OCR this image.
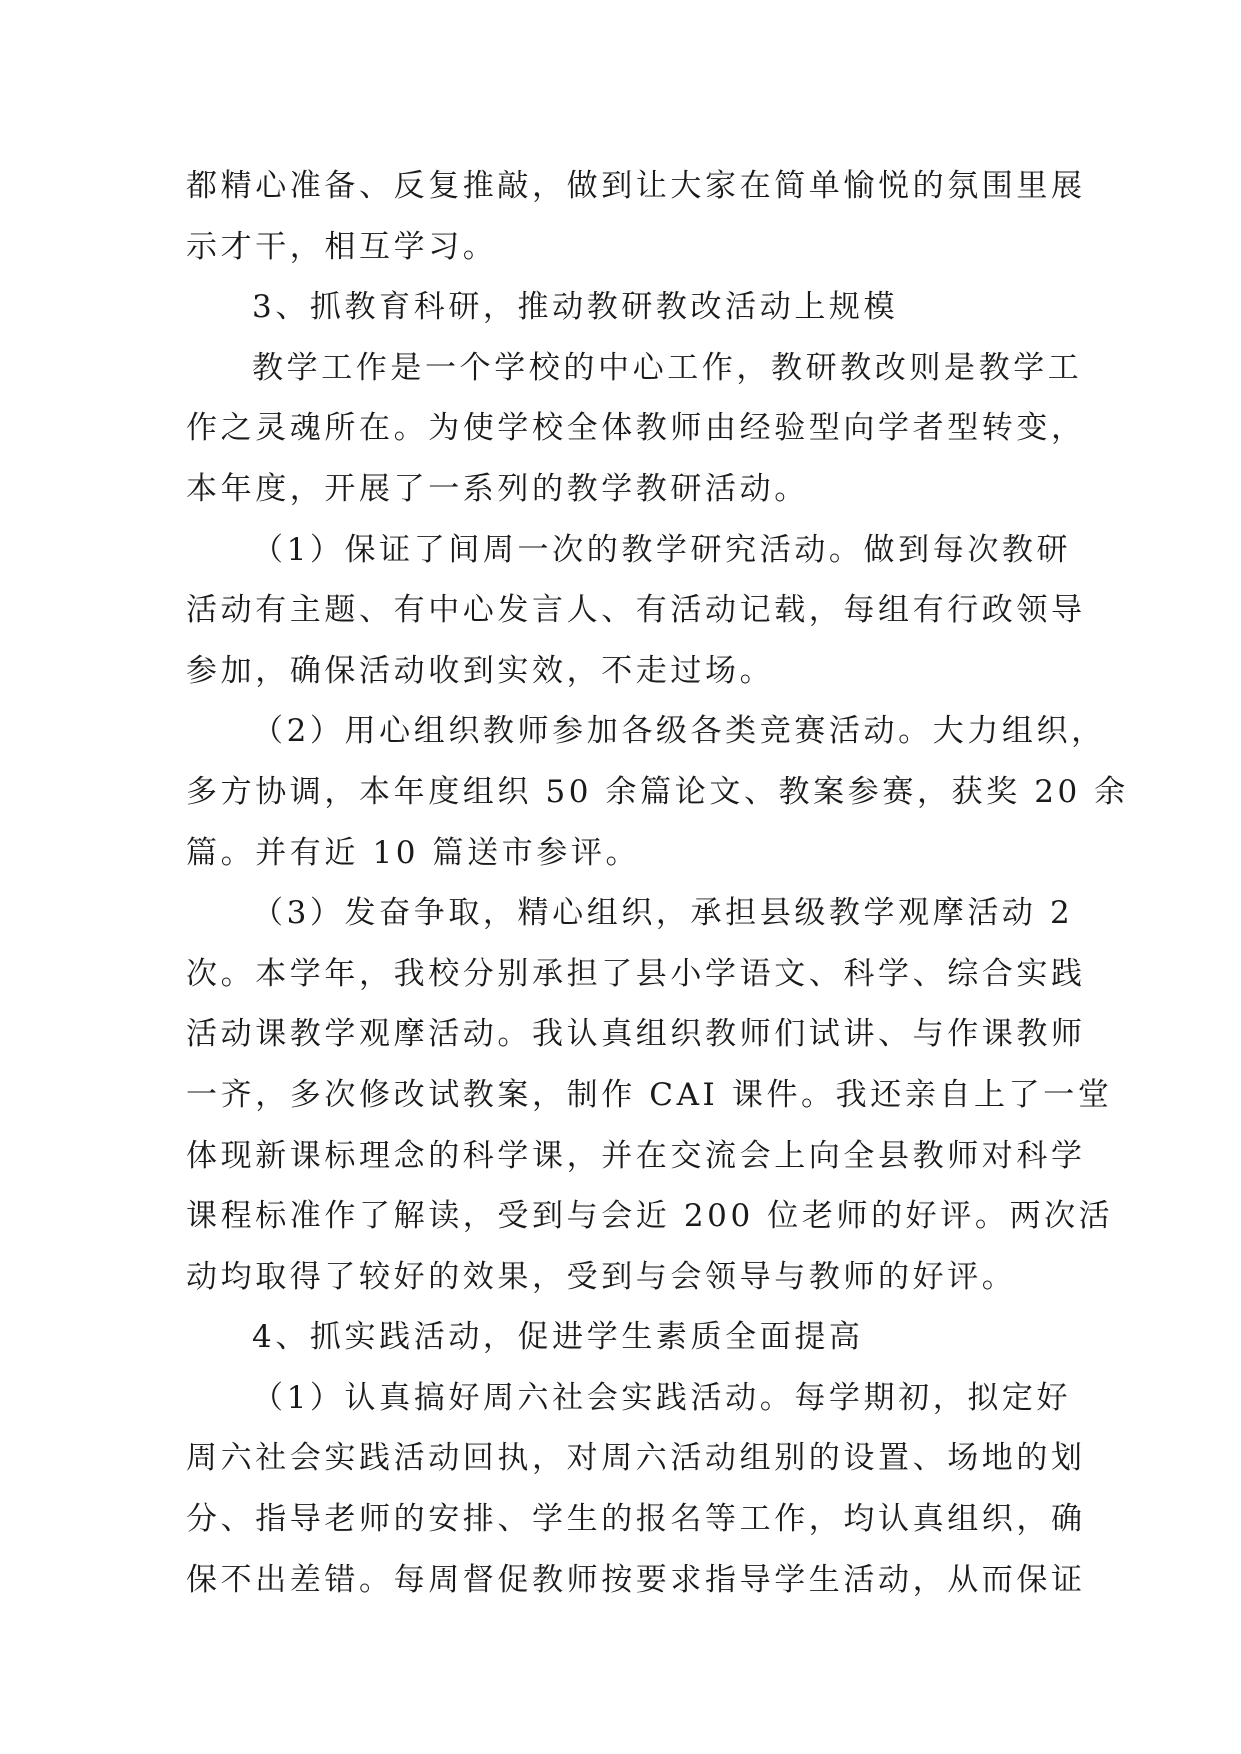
都精心准备、反复推敲，做到让大家在简单愉悦的氛围里展
示才干，相互学习。
3、抓教育科研，推动教研教改活动上规模
教学工作是一个学校的中心工作，教研教改则是教学工
作之灵魂所在。为使学校全体教师由经验型向学者型转变，
本年度，开展了一系列的教学教研活动。
（1）保证了间周一次的教学研究活动。做到每次教研
活动有主题、有中心发言人、有活动记载，每组有行政领导
参加，确保活动收到实效，不走过场。
（2）用心组织教师参加各级各类竞赛活动。大力组织，
多方协调，本年度组织 50 余篇论文、教案参赛，获奖 20 余
篇。并有近 10 篇送市参评。
（3）发奋争取，精心组织，承担县级教学观摩活动 2
次。本学年，我校分别承担了县小学语文、科学、综合实践
活动课教学观摩活动。我认真组织教师们试讲、与作课教师
一齐，多次修改试教案，制作 CAI 课件。我还亲自上了一堂
体现新课标理念的科学课，并在交流会上向全县教师对科学
课程标准作了解读，受到与会近 200 位老师的好评。两次活
动均取得了较好的效果，受到与会领导与教师的好评。
4、抓实践活动，促进学生素质全面提高
（1）认真搞好周六社会实践活动。每学期初，拟定好
周六社会实践活动回执，对周六活动组别的设置、场地的划
分、指导老师的安排、学生的报名等工作，均认真组织，确
保不出差错。每周督促教师按要求指导学生活动，从而保证
